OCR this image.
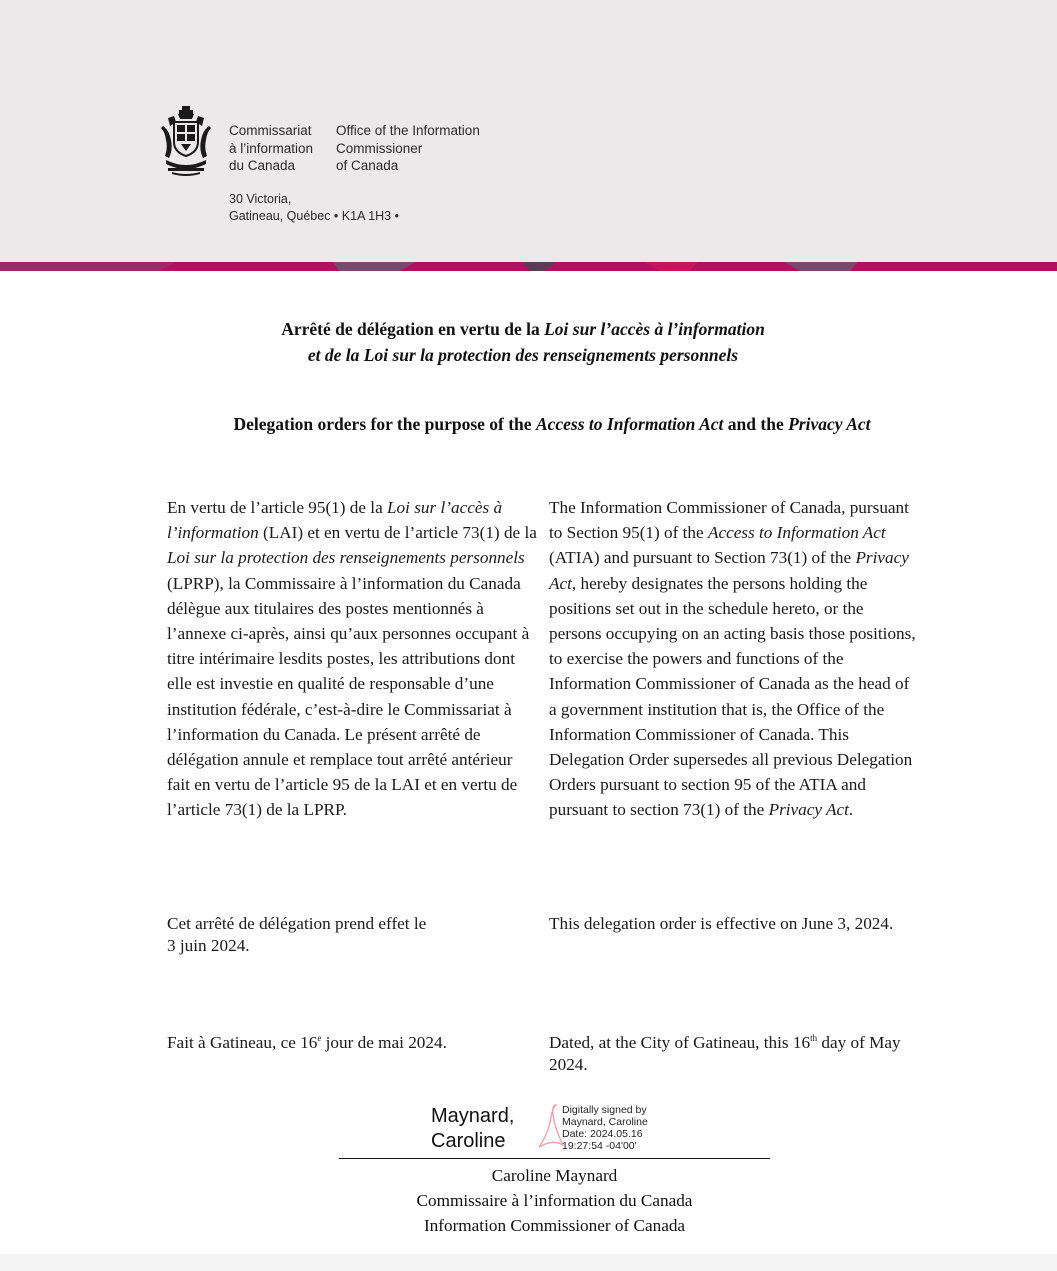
Commissariat
à l’information
du Canada
Office of the Information
Commissioner
of Canada
30 Victoria,
Gatineau, Québec • K1A 1H3 •
Arrêté de délégation en vertu de la Loi sur l’accès à l’information
et de la Loi sur la protection des renseignements personnels
Delegation orders for the purpose of the Access to Information Act and the Privacy Act
En vertu de l’article 95(1) de la Loi sur l’accès à l’information (LAI) et en vertu de l’article 73(1) de la Loi sur la protection des renseignements personnels (LPRP), la Commissaire à l’information du Canada délègue aux titulaires des postes mentionnés à l’annexe ci-après, ainsi qu’aux personnes occupant à titre intérimaire lesdits postes, les attributions dont elle est investie en qualité de responsable d’une institution fédérale, c’est-à-dire le Commissariat à l’information du Canada. Le présent arrêté de délégation annule et remplace tout arrêté antérieur fait en vertu de l’article 95 de la LAI et en vertu de l’article 73(1) de la LPRP.
The Information Commissioner of Canada, pursuant to Section 95(1) of the Access to Information Act (ATIA) and pursuant to Section 73(1) of the Privacy Act, hereby designates the persons holding the positions set out in the schedule hereto, or the persons occupying on an acting basis those positions, to exercise the powers and functions of the Information Commissioner of Canada as the head of a government institution that is, the Office of the Information Commissioner of Canada. This Delegation Order supersedes all previous Delegation Orders pursuant to section 95 of the ATIA and pursuant to section 73(1) of the Privacy Act.
Cet arrêté de délégation prend effet le
3 juin 2024.
This delegation order is effective on June 3, 2024.
Fait à Gatineau, ce 16e jour de mai 2024.	Dated, at the City of Gatineau, this 16th day of May 2024.
Maynard,
Caroline
Digitally signed by
Maynard, Caroline
Date: 2024.05.16
19:27:54 -04'00'
Caroline Maynard
Commissaire à l’information du Canada
Information Commissioner of Canada
